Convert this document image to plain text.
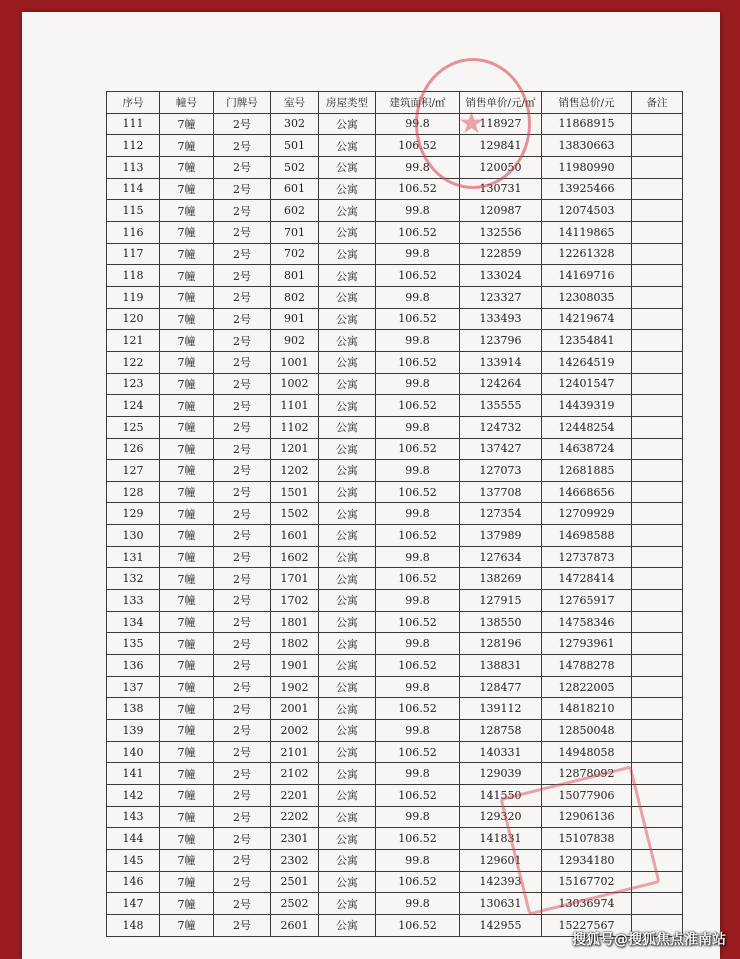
序号	幢号	门牌号	室号	房屋类型	建筑面积/㎡	销售单价/元/㎡	销售总价/元	备注
111	7幢	2号	302	公寓	99.8	118927	11868915	
112	7幢	2号	501	公寓	106.52	129841	13830663	
113	7幢	2号	502	公寓	99.8	120050	11980990	
114	7幢	2号	601	公寓	106.52	130731	13925466	
115	7幢	2号	602	公寓	99.8	120987	12074503	
116	7幢	2号	701	公寓	106.52	132556	14119865	
117	7幢	2号	702	公寓	99.8	122859	12261328	
118	7幢	2号	801	公寓	106.52	133024	14169716	
119	7幢	2号	802	公寓	99.8	123327	12308035	
120	7幢	2号	901	公寓	106.52	133493	14219674	
121	7幢	2号	902	公寓	99.8	123796	12354841	
122	7幢	2号	1001	公寓	106.52	133914	14264519	
123	7幢	2号	1002	公寓	99.8	124264	12401547	
124	7幢	2号	1101	公寓	106.52	135555	14439319	
125	7幢	2号	1102	公寓	99.8	124732	12448254	
126	7幢	2号	1201	公寓	106.52	137427	14638724	
127	7幢	2号	1202	公寓	99.8	127073	12681885	
128	7幢	2号	1501	公寓	106.52	137708	14668656	
129	7幢	2号	1502	公寓	99.8	127354	12709929	
130	7幢	2号	1601	公寓	106.52	137989	14698588	
131	7幢	2号	1602	公寓	99.8	127634	12737873	
132	7幢	2号	1701	公寓	106.52	138269	14728414	
133	7幢	2号	1702	公寓	99.8	127915	12765917	
134	7幢	2号	1801	公寓	106.52	138550	14758346	
135	7幢	2号	1802	公寓	99.8	128196	12793961	
136	7幢	2号	1901	公寓	106.52	138831	14788278	
137	7幢	2号	1902	公寓	99.8	128477	12822005	
138	7幢	2号	2001	公寓	106.52	139112	14818210	
139	7幢	2号	2002	公寓	99.8	128758	12850048	
140	7幢	2号	2101	公寓	106.52	140331	14948058	
141	7幢	2号	2102	公寓	99.8	129039	12878092	
142	7幢	2号	2201	公寓	106.52	141550	15077906	
143	7幢	2号	2202	公寓	99.8	129320	12906136	
144	7幢	2号	2301	公寓	106.52	141831	15107838	
145	7幢	2号	2302	公寓	99.8	129601	12934180	
146	7幢	2号	2501	公寓	106.52	142393	15167702	
147	7幢	2号	2502	公寓	99.8	130631	13036974	
148	7幢	2号	2601	公寓	106.52	142955	15227567	
★
搜狐号@搜狐焦点淮南站
